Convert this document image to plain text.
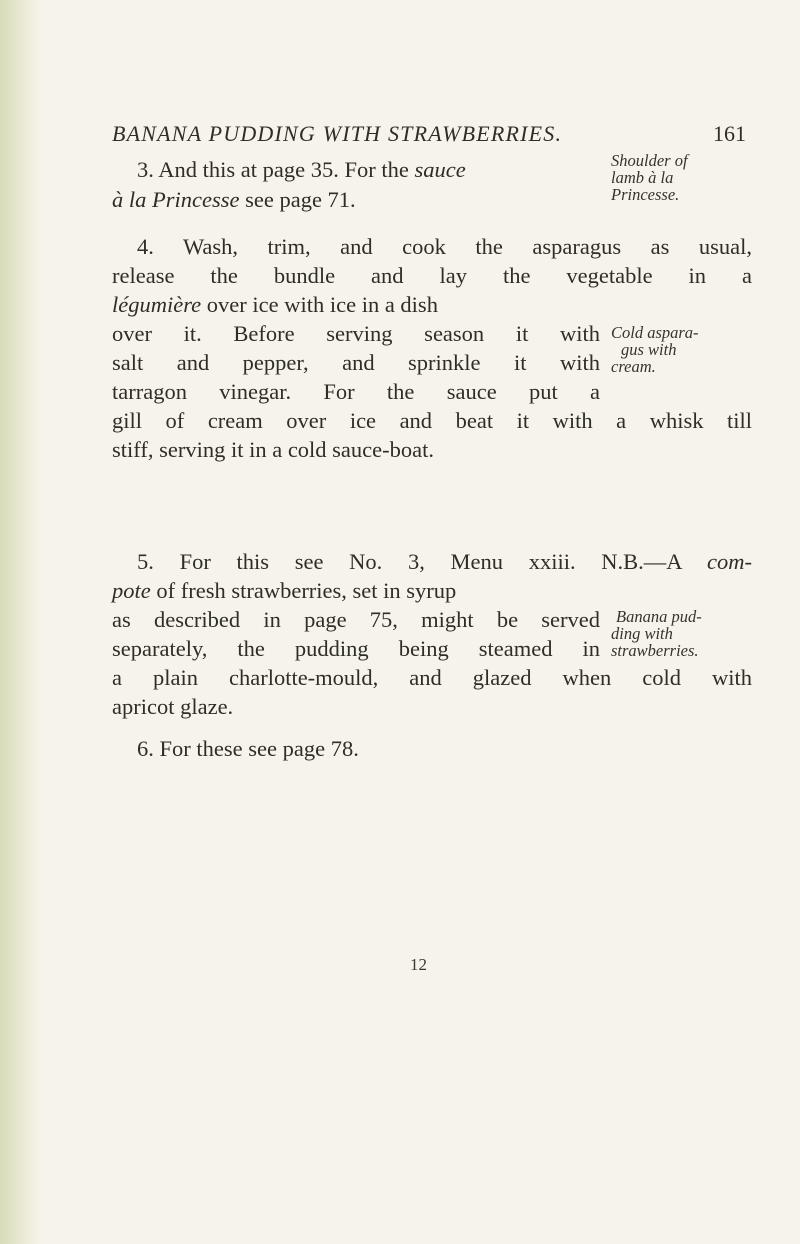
BANANA PUDDING WITH STRAWBERRIES.	161
3. And this at page 35. For the sauce
à la Princesse see page 71.
Shoulder of
lamb à la
Princesse.
4. Wash, trim, and cook the asparagus as usual,
release the bundle and lay the vegetable in a
légumière over ice with ice in a dish
over it. Before serving season it with
salt and pepper, and sprinkle it with
tarragon vinegar. For the sauce put a
gill of cream over ice and beat it with a whisk till
stiff, serving it in a cold sauce-boat.
Cold aspara-
gus with
cream.
5. For this see No. 3, Menu xxiii. N.B.—A com-
pote of fresh strawberries, set in syrup
as described in page 75, might be served
separately, the pudding being steamed in
a plain charlotte-mould, and glazed when cold with
apricot glaze.
Banana pud-
ding with
strawberries.
6. For these see page 78.
12
